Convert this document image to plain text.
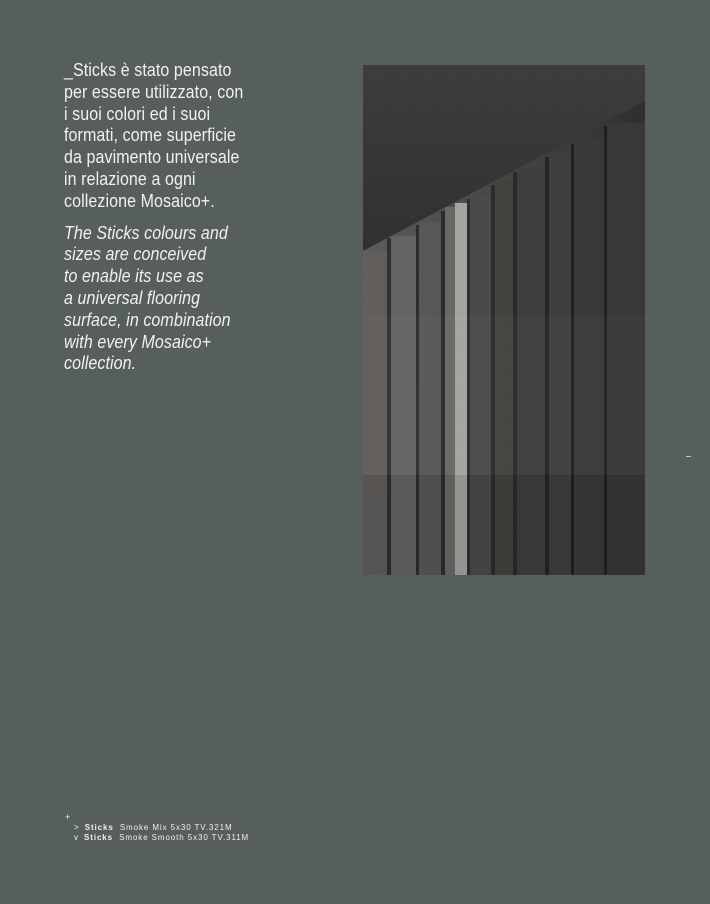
_Sticks è stato pensato
per essere utilizzato, con
i suoi colori ed i suoi
formati, come superficie
da pavimento universale
in relazione a ogni
collezione Mosaico+.
The Sticks colours and
sizes are conceived
to enable its use as
a universal flooring
surface, in combination
with every Mosaico+
collection.
+
> Sticks Smoke Mix 5x30 TV.321M
v Sticks Smoke Smooth 5x30 TV.311M
